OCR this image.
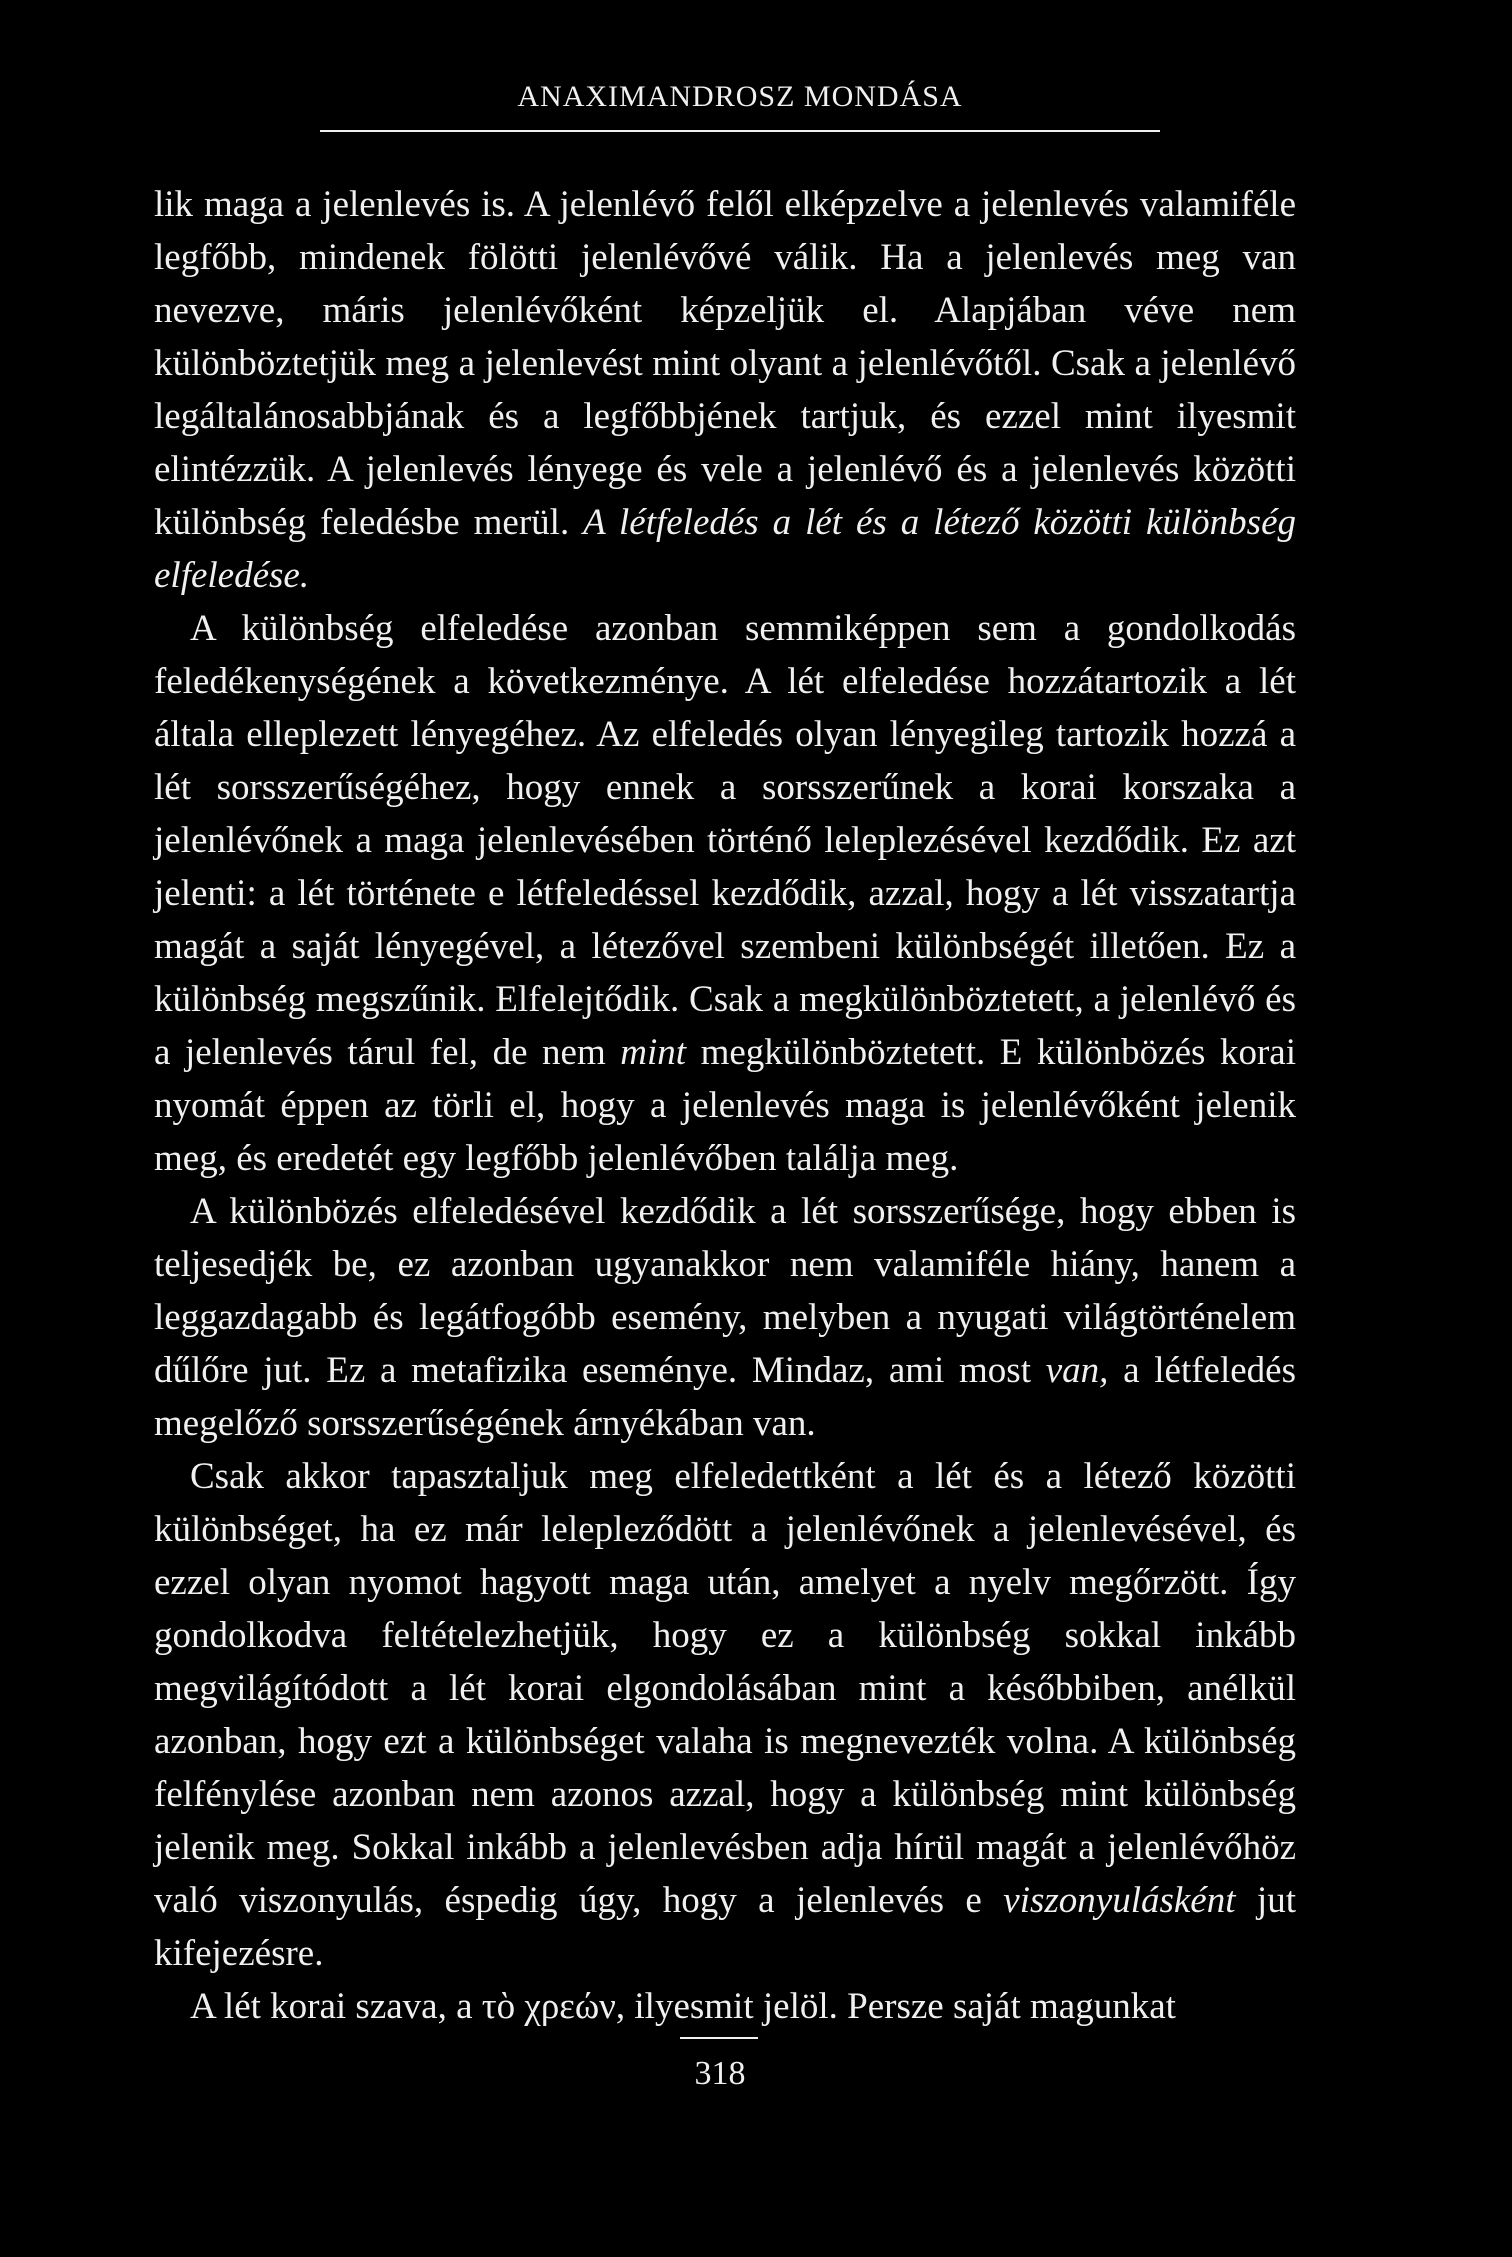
ANAXIMANDROSZ MONDÁSA

lik maga a jelenlevés is. A jelenlévő felől elképzelve a jelenlevés valamiféle legfőbb, mindenek fölötti jelenlévővé válik. Ha a jelenlevés meg van nevezve, máris jelenlévőként képzeljük el. Alapjában véve nem különböztetjük meg a jelenlevést mint olyant a jelenlévőtől. Csak a jelenlévő legáltalánosabbjának és a legfőbbjének tartjuk, és ezzel mint ilyesmit elintézzük. A jelenlevés lényege és vele a jelenlévő és a jelenlevés közötti különbség feledésbe merül. A létfeledés a lét és a létező közötti különbség elfeledése.

A különbség elfeledése azonban semmiképpen sem a gondolkodás feledékenységének a következménye. A lét elfeledése hozzátartozik a lét általa elleplezett lényegéhez. Az elfeledés olyan lényegileg tartozik hozzá a lét sorsszerűségéhez, hogy ennek a sorsszerűnek a korai korszaka a jelenlévőnek a maga jelenlevésében történő leleplezésével kezdődik. Ez azt jelenti: a lét története e létfeledéssel kezdődik, azzal, hogy a lét visszatartja magát a saját lényegével, a létezővel szembeni különbségét illetően. Ez a különbség megszűnik. Elfelejtődik. Csak a megkülönböztetett, a jelenlévő és a jelenlevés tárul fel, de nem mint megkülönböztetett. E különbözés korai nyomát éppen az törli el, hogy a jelenlevés maga is jelenlévőként jelenik meg, és eredetét egy legfőbb jelenlévőben találja meg.

A különbözés elfeledésével kezdődik a lét sorsszerűsége, hogy ebben is teljesedjék be, ez azonban ugyanakkor nem valamiféle hiány, hanem a leggazdagabb és legátfogóbb esemény, melyben a nyugati világtörténelem dűlőre jut. Ez a metafizika eseménye. Mindaz, ami most van, a létfeledés megelőző sorsszerűségének árnyékában van.

Csak akkor tapasztaljuk meg elfeledettként a lét és a létező közötti különbséget, ha ez már lelepleződött a jelenlévőnek a jelenlevésével, és ezzel olyan nyomot hagyott maga után, amelyet a nyelv megőrzött. Így gondolkodva feltételezhetjük, hogy ez a különbség sokkal inkább megvilágítódott a lét korai elgondolásában mint a későbbiben, anélkül azonban, hogy ezt a különbséget valaha is megnevezték volna. A különbség felfénylése azonban nem azonos azzal, hogy a különbség mint különbség jelenik meg. Sokkal inkább a jelenlevésben adja hírül magát a jelenlévőhöz való viszonyulás, éspedig úgy, hogy a jelenlevés e viszonyulásként jut kifejezésre.

A lét korai szava, a τὸ χρεών, ilyesmit jelöl. Persze saját magunkat

318
